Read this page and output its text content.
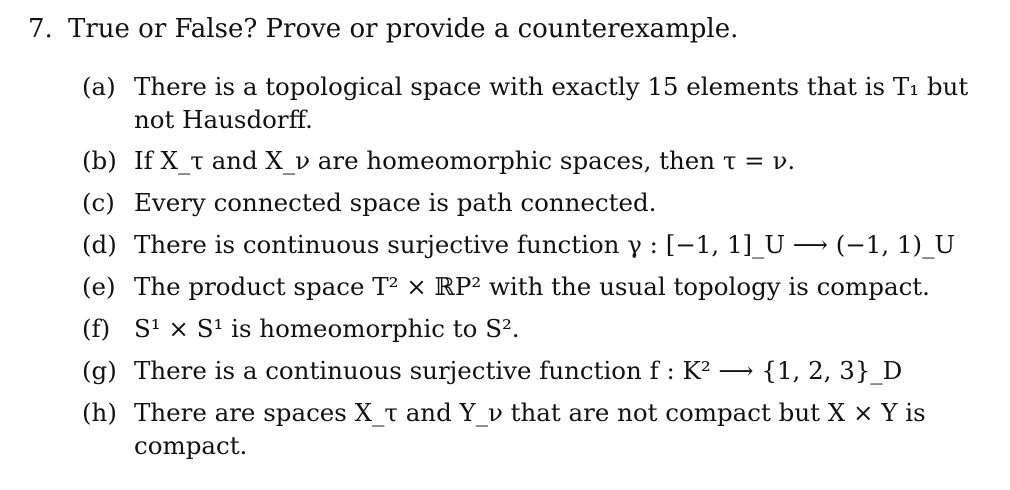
7. True or False? Prove or provide a counterexample.
(a) There is a topological space with exactly 15 elements that is T₁ but not Hausdorff.
(b) If X_τ and X_ν are homeomorphic spaces, then τ = ν.
(c) Every connected space is path connected.
(d) There is continuous surjective function γ : [−1, 1]_U ⟶ (−1, 1)_U
(e) The product space T² × ℝP² with the usual topology is compact.
(f) S¹ × S¹ is homeomorphic to S².
(g) There is a continuous surjective function f : K² ⟶ {1, 2, 3}_D
(h) There are spaces X_τ and Y_ν that are not compact but X × Y is compact.
